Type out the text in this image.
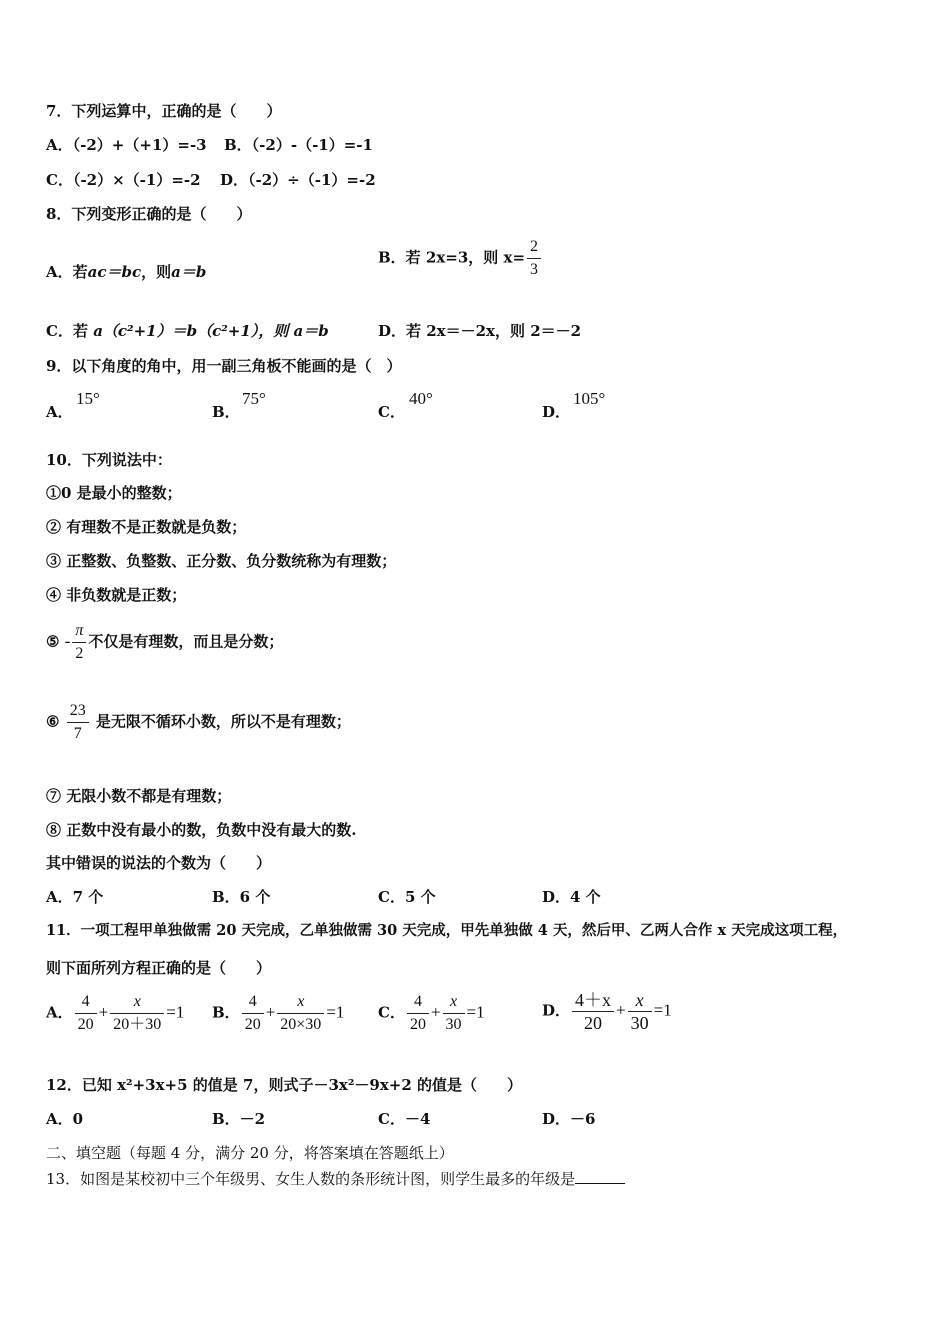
7．下列运算中，正确的是（　　）
A．（-2）+（+1）=-3 B．（-2）-（-1）=-1
C．（-2）×（-1）=-2 D．（-2）÷（-1）=-2
8．下列变形正确的是（　　）
A．若ac＝bc，则a＝b
B．若 2x=3，则 $x= \frac{2}{3}$
C．若 a（c²+1）＝b（c²+1），则 a＝b	D．若 2x＝－2x，则 2＝－2
9．以下角度的角中，用一副三角板不能画的是（　）
A．
15°
B．
75°
C．
40°
D．
105°
10．下列说法中：
①0 是最小的整数；
② 有理数不是正数就是负数；
③ 正整数、负整数、正分数、负分数统称为有理数；
④ 非负数就是正数；
⑤ - $\frac{\pi}{2}$ 不仅是有理数，而且是分数；
⑥ $\frac{23}{7}$ 是无限不循环小数，所以不是有理数；
⑦ 无限小数不都是有理数；
⑧ 正数中没有最小的数，负数中没有最大的数.
其中错误的说法的个数为（　　）
A．7 个	B．6 个	C．5 个	D．4 个
11．一项工程甲单独做需 20 天完成，乙单独做需 30 天完成，甲先单独做 4 天，然后甲、乙两人合作 x 天完成这项工程，
则下面所列方程正确的是（　　）
A． $\frac{4}{20} + \frac{x}{20+30} =1$ B． $\frac{4}{20} + \frac{x}{20\times 30} =1$ C． $\frac{4}{20} + \frac{x}{30} =1$	D． $\frac{4+x}{20} + \frac{x}{30} =1$
12．已知 x²+3x+5 的值是 7，则式子－3x²－9x+2 的值是（　　）
A．0	B．－2	C．－4	D．－6
二、填空题（每题 4 分，满分 20 分，将答案填在答题纸上）
13．如图是某校初中三个年级男、女生人数的条形统计图，则学生最多的年级是
